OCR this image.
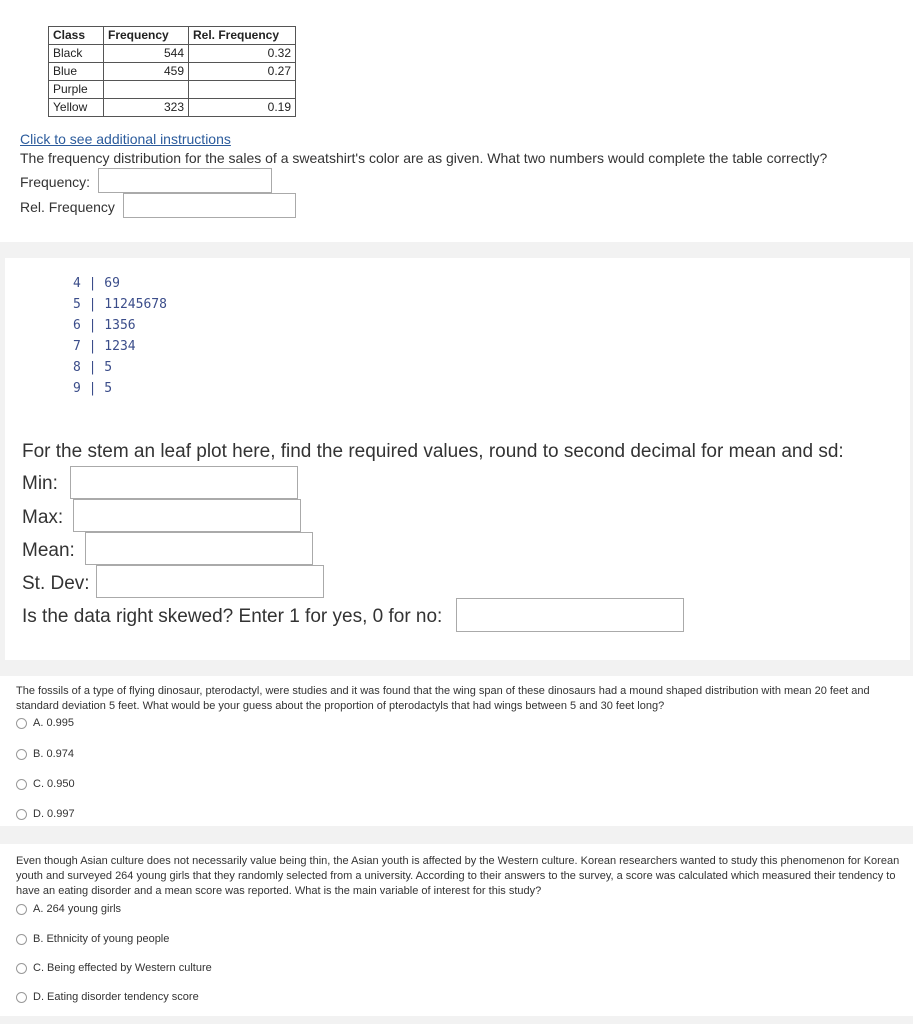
Class	Frequency	Rel. Frequency
Black	544	0.32
Blue	459	0.27
Purple		
Yellow	323	0.19
Click to see additional instructions
The frequency distribution for the sales of a sweatshirt's color are as given. What two numbers would complete the table correctly?
Frequency:
Rel. Frequency
4 | 69
5 | 11245678
6 | 1356
7 | 1234
8 | 5
9 | 5
For the stem an leaf plot here, find the required values, round to second decimal for mean and sd:
Min:
Max:
Mean:
St. Dev:
Is the data right skewed? Enter 1 for yes, 0 for no:
The fossils of a type of flying dinosaur, pterodactyl, were studies and it was found that the wing span of these dinosaurs had a mound shaped distribution with mean 20 feet and standard deviation 5 feet. What would be your guess about the proportion of pterodactyls that had wings between 5 and 30 feet long?
A. 0.995
B. 0.974
C. 0.950
D. 0.997
Even though Asian culture does not necessarily value being thin, the Asian youth is affected by the Western culture. Korean researchers wanted to study this phenomenon for Korean youth and surveyed 264 young girls that they randomly selected from a university. According to their answers to the survey, a score was calculated which measured their tendency to have an eating disorder and a mean score was reported. What is the main variable of interest for this study?
A. 264 young girls
B. Ethnicity of young people
C. Being effected by Western culture
D. Eating disorder tendency score
